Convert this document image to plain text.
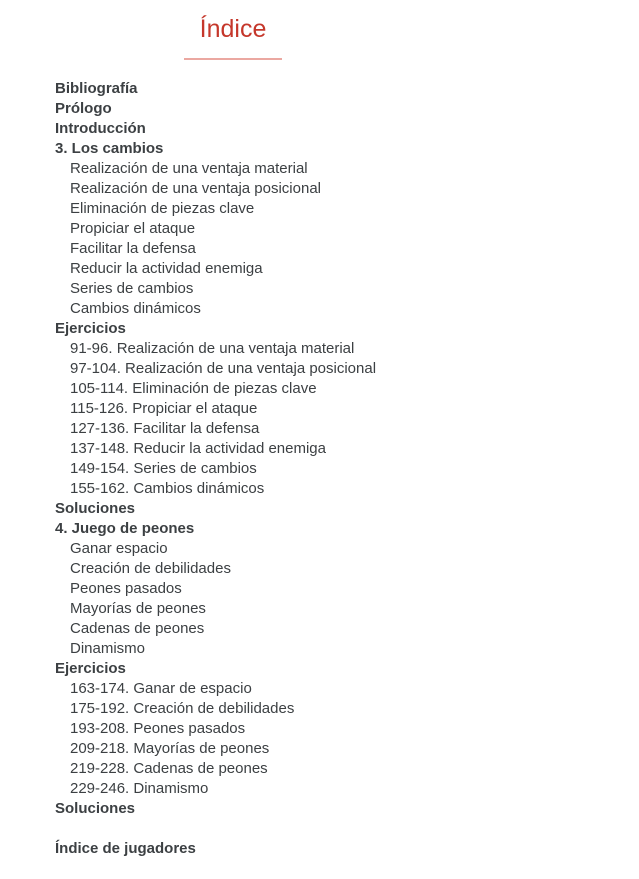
Índice
Bibliografía
Prólogo
Introducción
3. Los cambios
Realización de una ventaja material
Realización de una ventaja posicional
Eliminación de piezas clave
Propiciar el ataque
Facilitar la defensa
Reducir la actividad enemiga
Series de cambios
Cambios dinámicos
Ejercicios
91-96. Realización de una ventaja material
97-104. Realización de una ventaja posicional
105-114. Eliminación de piezas clave
115-126. Propiciar el ataque
127-136. Facilitar la defensa
137-148. Reducir la actividad enemiga
149-154. Series de cambios
155-162. Cambios dinámicos
Soluciones
4. Juego de peones
Ganar espacio
Creación de debilidades
Peones pasados
Mayorías de peones
Cadenas de peones
Dinamismo
Ejercicios
163-174. Ganar de espacio
175-192. Creación de debilidades
193-208. Peones pasados
209-218. Mayorías de peones
219-228. Cadenas de peones
229-246. Dinamismo
Soluciones
Índice de jugadores
